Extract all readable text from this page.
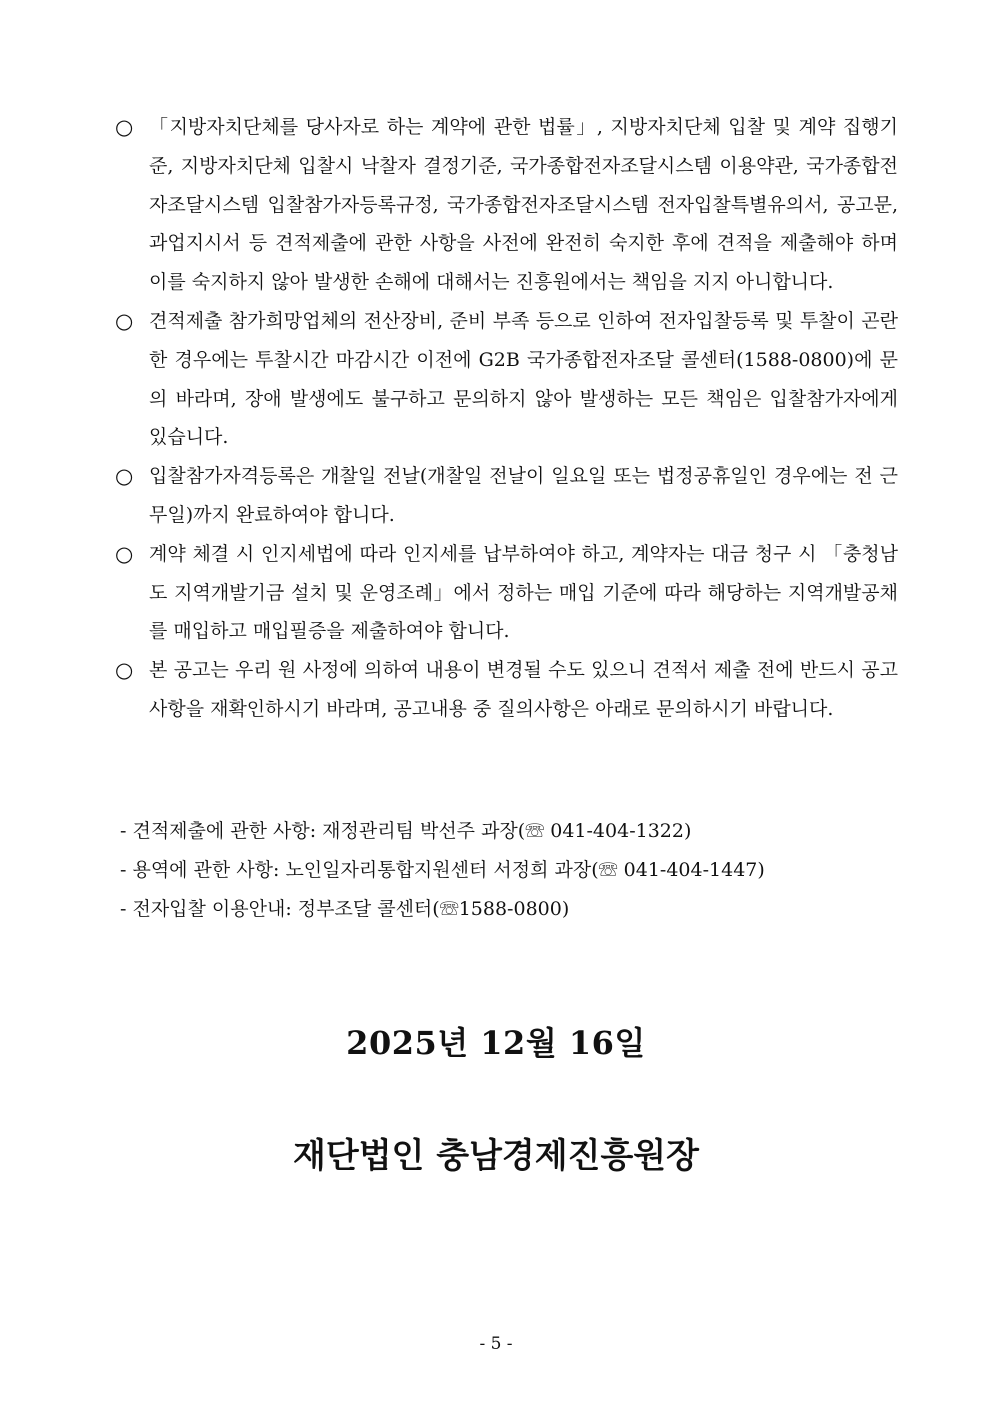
○ 「지방자치단체를 당사자로 하는 계약에 관한 법률」, 지방자치단체 입찰 및 계약 집행기준, 지방자치단체 입찰시 낙찰자 결정기준, 국가종합전자조달시스템 이용약관, 국가종합전자조달시스템 입찰참가자등록규정, 국가종합전자조달시스템 전자입찰특별유의서, 공고문, 과업지시서 등 견적제출에 관한 사항을 사전에 완전히 숙지한 후에 견적을 제출해야 하며 이를 숙지하지 않아 발생한 손해에 대해서는 진흥원에서는 책임을 지지 아니합니다.
○ 견적제출 참가희망업체의 전산장비, 준비 부족 등으로 인하여 전자입찰등록 및 투찰이 곤란한 경우에는 투찰시간 마감시간 이전에 G2B 국가종합전자조달 콜센터(1588-0800)에 문의 바라며, 장애 발생에도 불구하고 문의하지 않아 발생하는 모든 책임은 입찰참가자에게 있습니다.
○ 입찰참가자격등록은 개찰일 전날(개찰일 전날이 일요일 또는 법정공휴일인 경우에는 전 근무일)까지 완료하여야 합니다.
○ 계약 체결 시 인지세법에 따라 인지세를 납부하여야 하고, 계약자는 대금 청구 시 「충청남도 지역개발기금 설치 및 운영조례」에서 정하는 매입 기준에 따라 해당하는 지역개발공채를 매입하고 매입필증을 제출하여야 합니다.
○ 본 공고는 우리 원 사정에 의하여 내용이 변경될 수도 있으니 견적서 제출 전에 반드시 공고사항을 재확인하시기 바라며, 공고내용 중 질의사항은 아래로 문의하시기 바랍니다.
- 견적제출에 관한 사항: 재정관리팀 박선주 과장(☏ 041-404-1322)
- 용역에 관한 사항: 노인일자리통합지원센터 서정희 과장(☏ 041-404-1447)
- 전자입찰 이용안내: 정부조달 콜센터(☏1588-0800)
2025년 12월 16일
재단법인 충남경제진흥원장
- 5 -
